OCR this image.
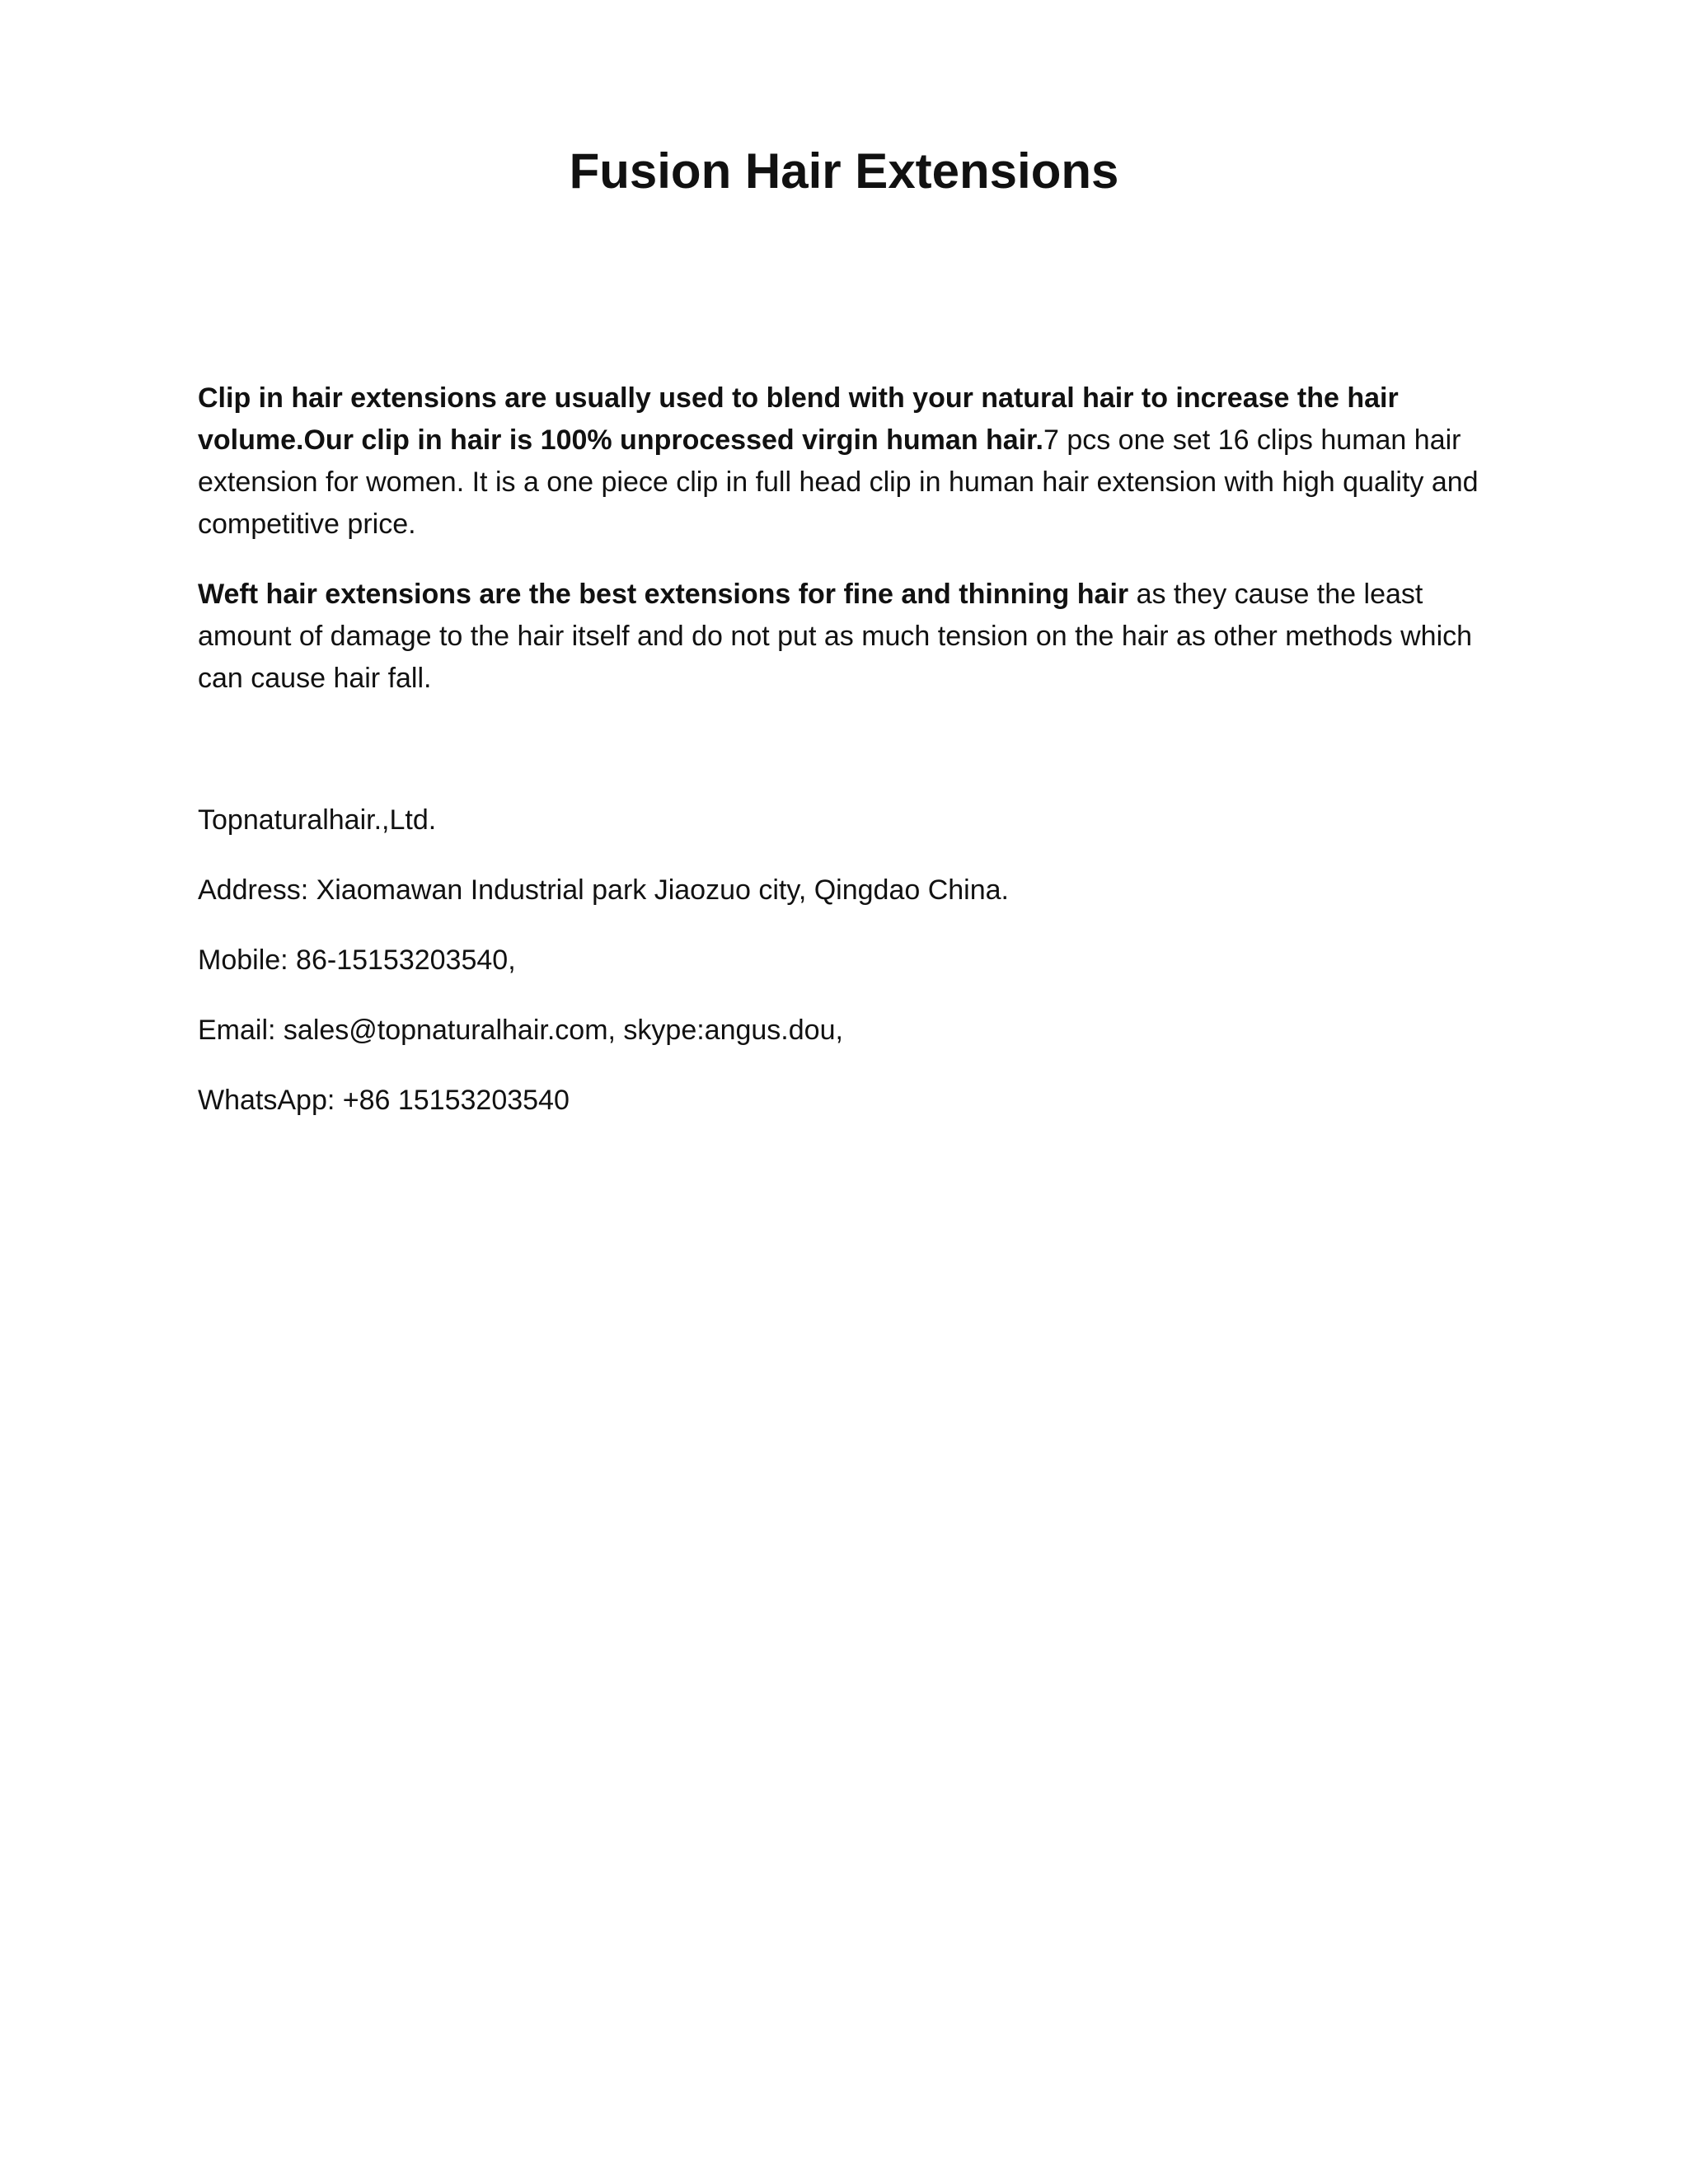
Fusion Hair Extensions

Clip in hair extensions are usually used to blend with your natural hair to increase the hair volume.Our clip in hair is 100% unprocessed virgin human hair.7 pcs one set 16 clips human hair extension for women. It is a one piece clip in full head clip in human hair extension with high quality and competitive price.

Weft hair extensions are the best extensions for fine and thinning hair as they cause the least amount of damage to the hair itself and do not put as much tension on the hair as other methods which can cause hair fall.

Topnaturalhair.,Ltd.
Address: Xiaomawan Industrial park Jiaozuo city, Qingdao China.
Mobile: 86-15153203540,
Email: sales@topnaturalhair.com, skype:angus.dou,
WhatsApp: +86 15153203540
